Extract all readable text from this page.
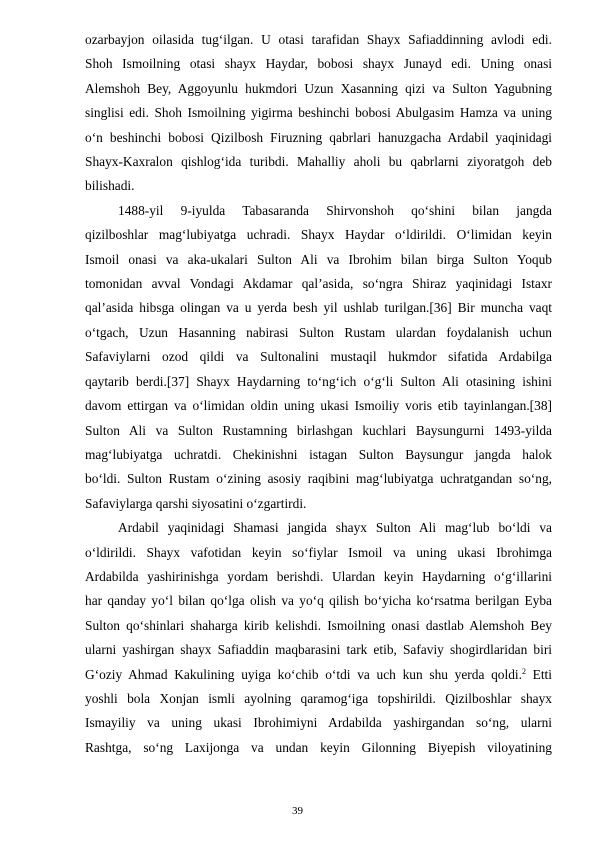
ozarbayjon oilasida tugʻilgan. U otasi tarafidan Shayx Safiaddinning avlodi edi.

Shoh Ismoilning otasi shayx Haydar, bobosi shayx Junayd edi. Uning onasi

Alemshoh Bey, Aggoyunlu hukmdori Uzun Xasanning qizi va Sulton Yagubning

singlisi edi. Shoh Ismoilning yigirma beshinchi bobosi Abulgasim Hamza va uning

oʻn beshinchi bobosi Qizilbosh Firuzning qabrlari hanuzgacha Ardabil yaqinidagi

Shayx-Kaxralon qishlogʻida turibdi. Mahalliy aholi bu qabrlarni ziyoratgoh deb

bilishadi.

1488-yil 9-iyulda Tabasaranda Shirvonshoh qoʻshini bilan jangda

qizilboshlar magʻlubiyatga uchradi. Shayx Haydar oʻldirildi. Oʻlimidan keyin

Ismoil onasi va aka-ukalari Sulton Ali va Ibrohim bilan birga Sulton Yoqub

tomonidan avval Vondagi Akdamar qalʼasida, soʻngra Shiraz yaqinidagi Istaxr

qalʼasida hibsga olingan va u yerda besh yil ushlab turilgan.[36] Bir muncha vaqt

oʻtgach, Uzun Hasanning nabirasi Sulton Rustam ulardan foydalanish uchun

Safaviylarni ozod qildi va Sultonalini mustaqil hukmdor sifatida Ardabilga

qaytarib berdi.[37] Shayx Haydarning toʻngʻich oʻgʻli Sulton Ali otasining ishini

davom ettirgan va oʻlimidan oldin uning ukasi Ismoiliy voris etib tayinlangan.[38]

Sulton Ali va Sulton Rustamning birlashgan kuchlari Baysungurni 1493-yilda

magʻlubiyatga uchratdi. Chekinishni istagan Sulton Baysungur jangda halok

boʻldi. Sulton Rustam oʻzining asosiy raqibini magʻlubiyatga uchratgandan soʻng,

Safaviylarga qarshi siyosatini oʻzgartirdi.

Ardabil yaqinidagi Shamasi jangida shayx Sulton Ali magʻlub boʻldi va

oʻldirildi. Shayx vafotidan keyin soʻfiylar Ismoil va uning ukasi Ibrohimga

Ardabilda yashirinishga yordam berishdi. Ulardan keyin Haydarning oʻgʻillarini

har qanday yoʻl bilan qoʻlga olish va yoʻq qilish boʻyicha koʻrsatma berilgan Eyba

Sulton qoʻshinlari shaharga kirib kelishdi. Ismoilning onasi dastlab Alemshoh Bey

ularni yashirgan shayx Safiaddin maqbarasini tark etib, Safaviy shogirdlaridan biri

Gʻoziy Ahmad Kakulining uyiga koʻchib oʻtdi va uch kun shu yerda qoldi.$^2$ Etti

yoshli bola Xonjan ismli ayolning qaramogʻiga topshirildi. Qizilboshlar shayx

Ismayiliy va uning ukasi Ibrohimiyni Ardabilda yashirgandan soʻng, ularni

Rashtga, soʻng Laxijonga va undan keyin Gilonning Biyepish viloyatining

39
